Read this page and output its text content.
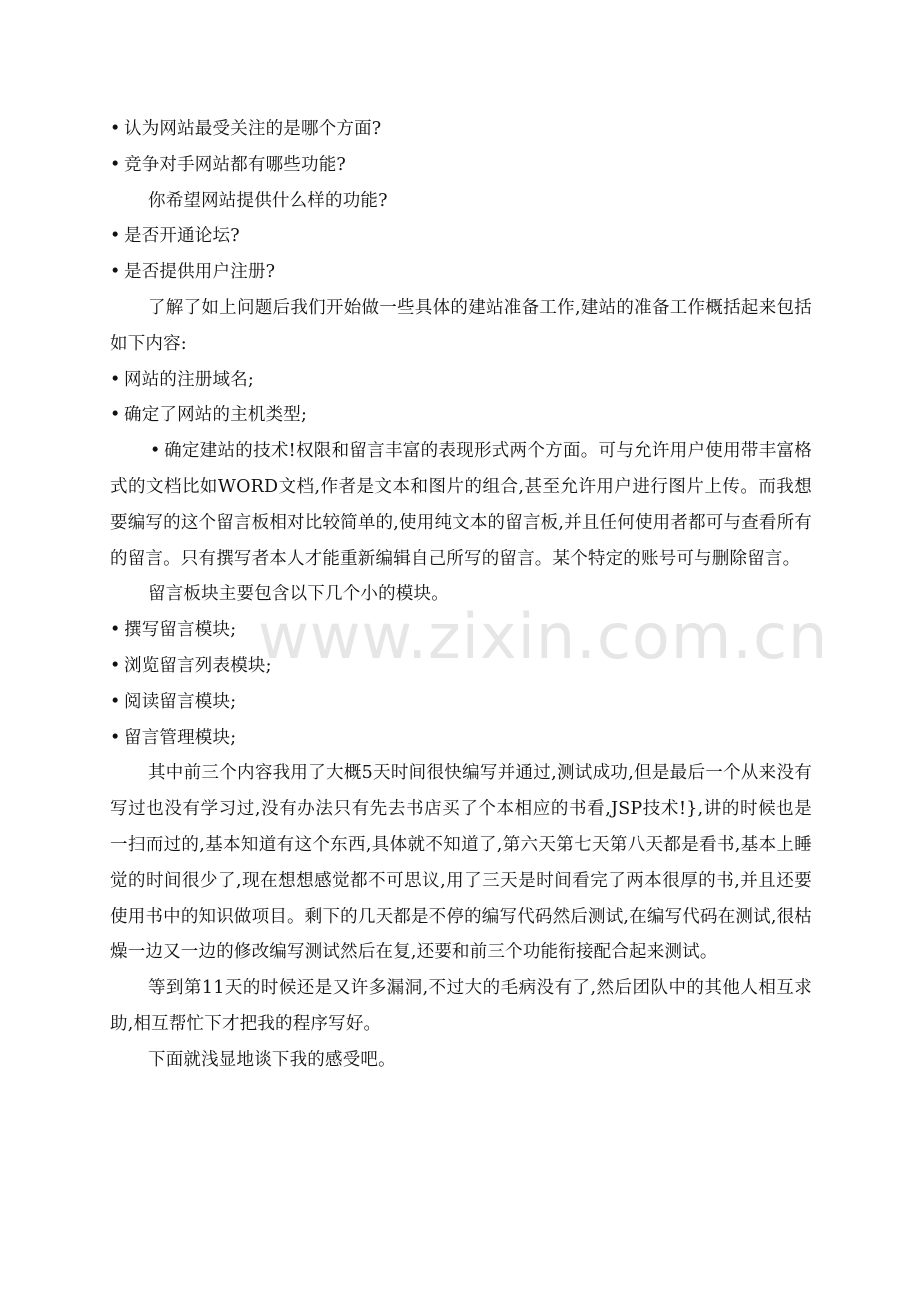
• 认为网站最受关注的是哪个方面?

• 竞争对手网站都有哪些功能?

你希望网站提供什么样的功能?

• 是否开通论坛?

• 是否提供用户注册?

了解了如上问题后我们开始做一些具体的建站准备工作,建站的准备工作概括起来包括如下内容:

• 网站的注册域名;

• 确定了网站的主机类型;

• 确定建站的技术!权限和留言丰富的表现形式两个方面。可与允许用户使用带丰富格式的文档比如WORD文档,作者是文本和图片的组合,甚至允许用户进行图片上传。而我想要编写的这个留言板相对比较简单的,使用纯文本的留言板,并且任何使用者都可与查看所有的留言。只有撰写者本人才能重新编辑自己所写的留言。某个特定的账号可与删除留言。

留言板块主要包含以下几个小的模块。

• 撰写留言模块;

• 浏览留言列表模块;

• 阅读留言模块;

• 留言管理模块;

其中前三个内容我用了大概5天时间很快编写并通过,测试成功,但是最后一个从来没有写过也没有学习过,没有办法只有先去书店买了个本相应的书看,JSP技术!},讲的时候也是一扫而过的,基本知道有这个东西,具体就不知道了,第六天第七天第八天都是看书,基本上睡觉的时间很少了,现在想想感觉都不可思议,用了三天是时间看完了两本很厚的书,并且还要使用书中的知识做项目。剩下的几天都是不停的编写代码然后测试,在编写代码在测试,很枯燥一边又一边的修改编写测试然后在复,还要和前三个功能衔接配合起来测试。

等到第11天的时候还是又许多漏洞,不过大的毛病没有了,然后团队中的其他人相互求助,相互帮忙下才把我的程序写好。

下面就浅显地谈下我的感受吧。

www.zixin.com.cn
